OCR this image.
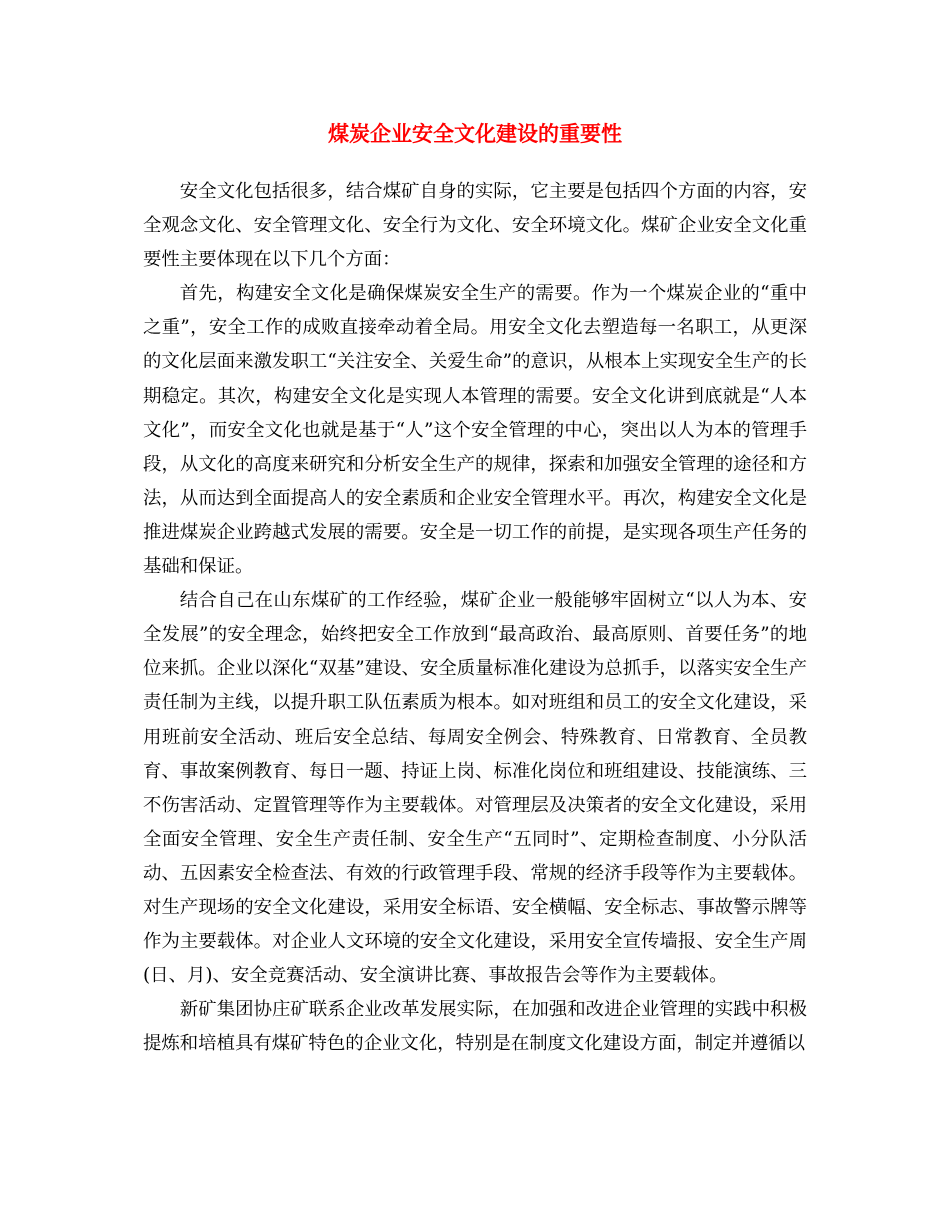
煤炭企业安全文化建设的重要性

安全文化包括很多，结合煤矿自身的实际，它主要是包括四个方面的内容，安全观念文化、安全管理文化、安全行为文化、安全环境文化。煤矿企业安全文化重要性主要体现在以下几个方面：

首先，构建安全文化是确保煤炭安全生产的需要。作为一个煤炭企业的“重中之重”，安全工作的成败直接牵动着全局。用安全文化去塑造每一名职工，从更深的文化层面来激发职工“关注安全、关爱生命”的意识，从根本上实现安全生产的长期稳定。其次，构建安全文化是实现人本管理的需要。安全文化讲到底就是“人本文化”，而安全文化也就是基于“人”这个安全管理的中心，突出以人为本的管理手段，从文化的高度来研究和分析安全生产的规律，探索和加强安全管理的途径和方法，从而达到全面提高人的安全素质和企业安全管理水平。再次，构建安全文化是推进煤炭企业跨越式发展的需要。安全是一切工作的前提，是实现各项生产任务的基础和保证。

结合自己在山东煤矿的工作经验，煤矿企业一般能够牢固树立“以人为本、安全发展”的安全理念，始终把安全工作放到“最高政治、最高原则、首要任务”的地位来抓。企业以深化“双基”建设、安全质量标准化建设为总抓手，以落实安全生产责任制为主线，以提升职工队伍素质为根本。如对班组和员工的安全文化建设，采用班前安全活动、班后安全总结、每周安全例会、特殊教育、日常教育、全员教育、事故案例教育、每日一题、持证上岗、标准化岗位和班组建设、技能演练、三不伤害活动、定置管理等作为主要载体。对管理层及决策者的安全文化建设，采用全面安全管理、安全生产责任制、安全生产“五同时”、定期检查制度、小分队活动、五因素安全检查法、有效的行政管理手段、常规的经济手段等作为主要载体。对生产现场的安全文化建设，采用安全标语、安全横幅、安全标志、事故警示牌等作为主要载体。对企业人文环境的安全文化建设，采用安全宣传墙报、安全生产周(日、月)、安全竞赛活动、安全演讲比赛、事故报告会等作为主要载体。

新矿集团协庄矿联系企业改革发展实际，在加强和改进企业管理的实践中积极提炼和培植具有煤矿特色的企业文化，特别是在制度文化建设方面，制定并遵循以
